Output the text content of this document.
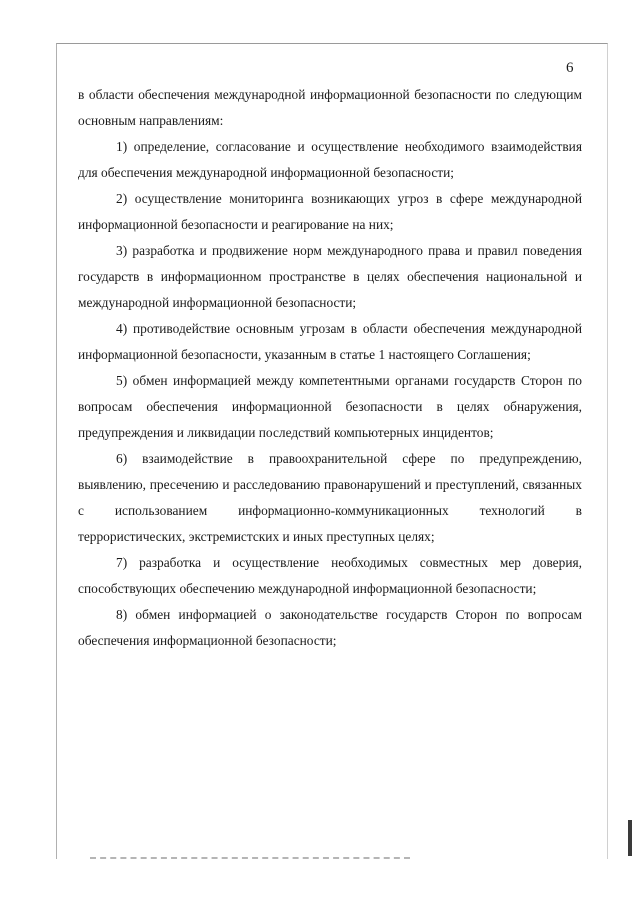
6

в области обеспечения международной информационной безопасности по следующим основным направлениям:

1) определение, согласование и осуществление необходимого взаимодействия для обеспечения международной информационной безопасности;

2) осуществление мониторинга возникающих угроз в сфере международной информационной безопасности и реагирование на них;

3) разработка и продвижение норм международного права и правил поведения государств в информационном пространстве в целях обеспечения национальной и международной информационной безопасности;

4) противодействие основным угрозам в области обеспечения международной информационной безопасности, указанным в статье 1 настоящего Соглашения;

5) обмен информацией между компетентными органами государств Сторон по вопросам обеспечения информационной безопасности в целях обнаружения, предупреждения и ликвидации последствий компьютерных инцидентов;

6) взаимодействие в правоохранительной сфере по предупреждению, выявлению, пресечению и расследованию правонарушений и преступлений, связанных с использованием информационно-коммуникационных технологий в террористических, экстремистских и иных преступных целях;

7) разработка и осуществление необходимых совместных мер доверия, способствующих обеспечению международной информационной безопасности;

8) обмен информацией о законодательстве государств Сторон по вопросам обеспечения информационной безопасности;
